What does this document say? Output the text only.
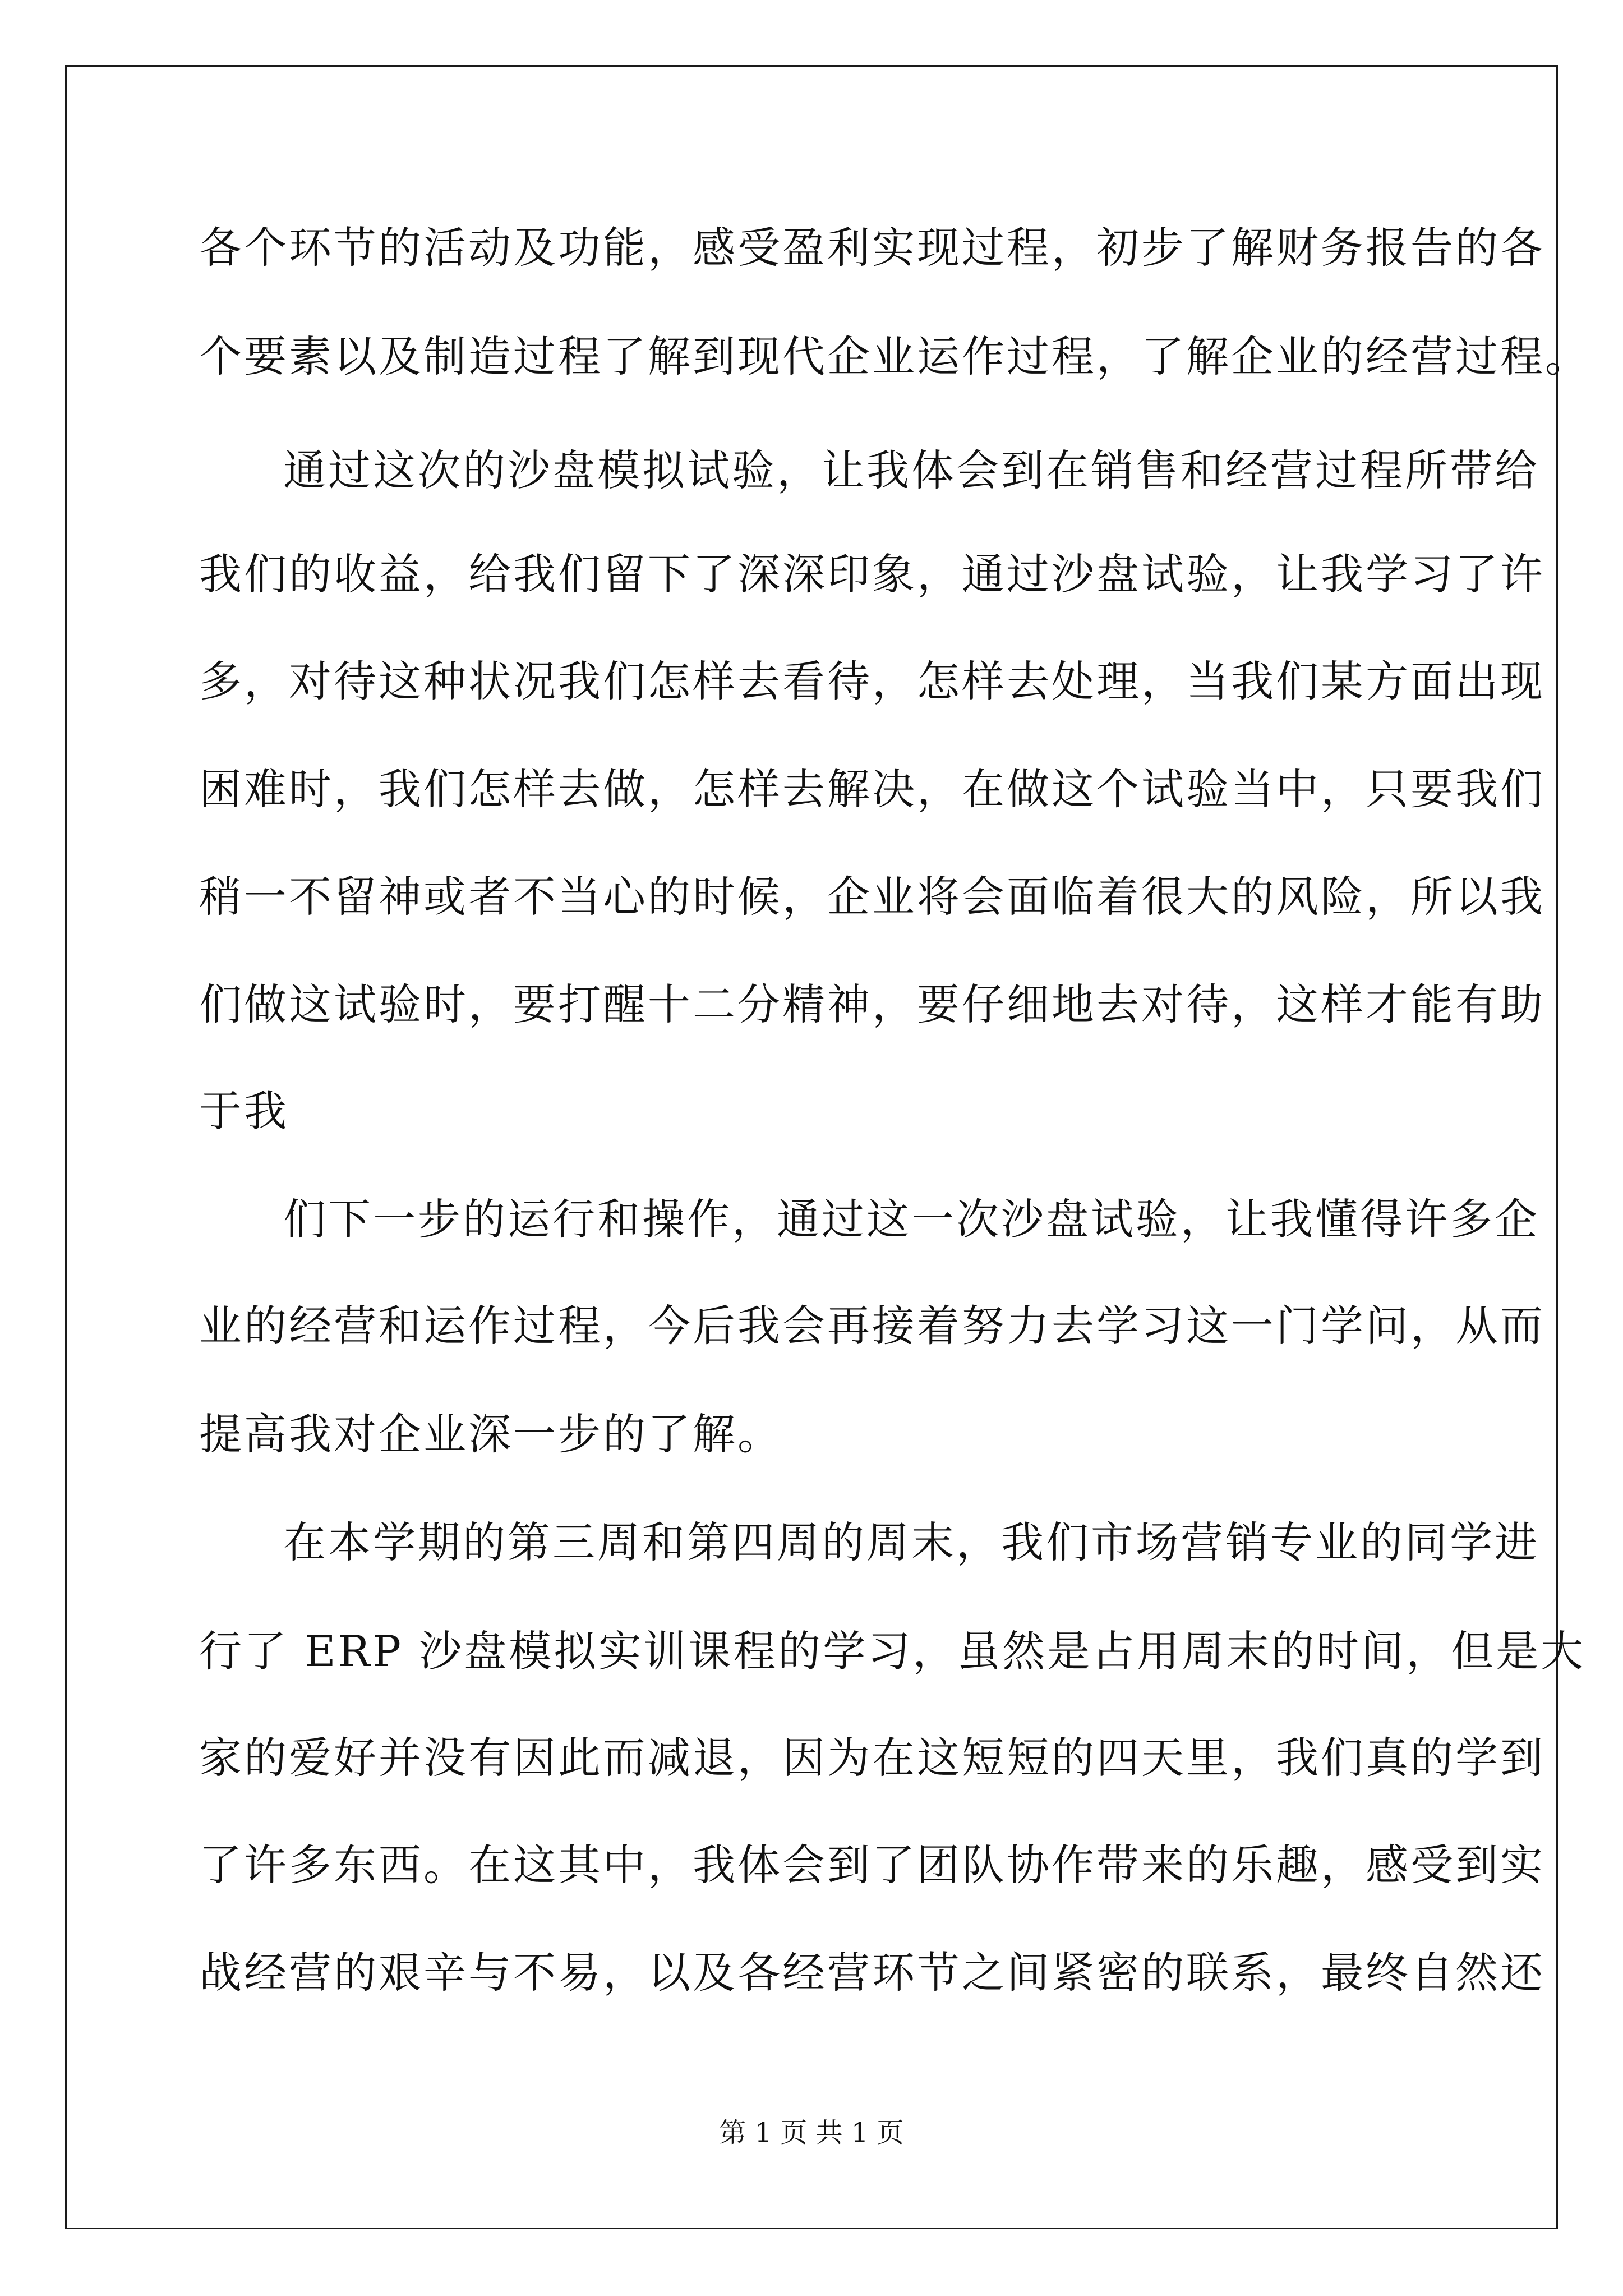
各个环节的活动及功能，感受盈利实现过程，初步了解财务报告的各
个要素以及制造过程了解到现代企业运作过程，了解企业的经营过程。
通过这次的沙盘模拟试验，让我体会到在销售和经营过程所带给
我们的收益，给我们留下了深深印象，通过沙盘试验，让我学习了许
多，对待这种状况我们怎样去看待，怎样去处理，当我们某方面出现
困难时，我们怎样去做，怎样去解决，在做这个试验当中，只要我们
稍一不留神或者不当心的时候，企业将会面临着很大的风险，所以我
们做这试验时，要打醒十二分精神，要仔细地去对待，这样才能有助
于我
们下一步的运行和操作，通过这一次沙盘试验，让我懂得许多企
业的经营和运作过程，今后我会再接着努力去学习这一门学问，从而
提高我对企业深一步的了解。
在本学期的第三周和第四周的周末，我们市场营销专业的同学进
行了 ERP 沙盘模拟实训课程的学习，虽然是占用周末的时间，但是大
家的爱好并没有因此而减退，因为在这短短的四天里，我们真的学到
了许多东西。在这其中，我体会到了团队协作带来的乐趣，感受到实
战经营的艰辛与不易，以及各经营环节之间紧密的联系，最终自然还
第 1 页 共 1 页
